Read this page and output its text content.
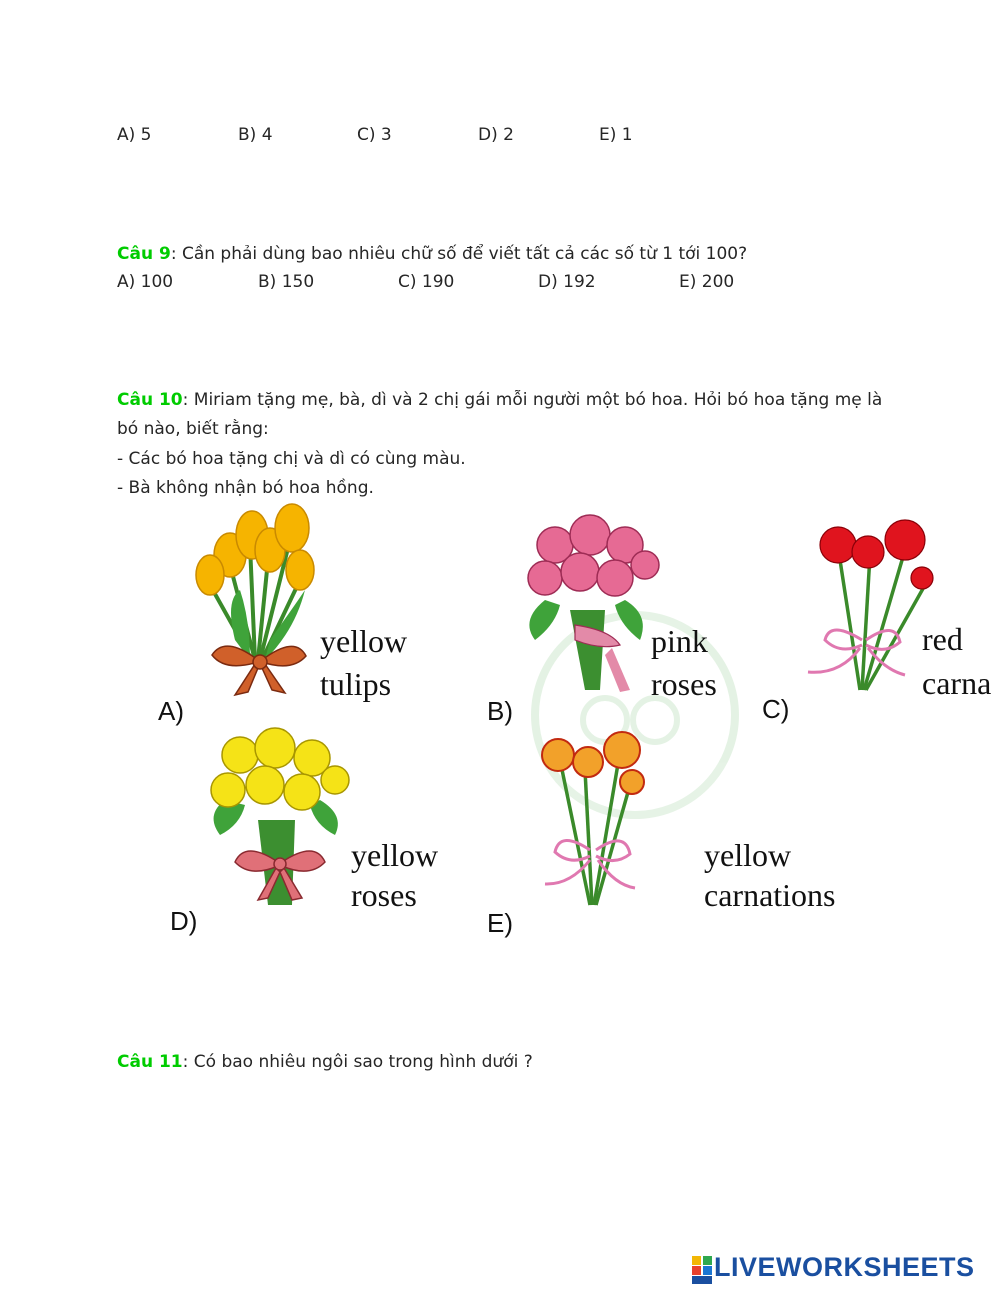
A) 5	B) 4	C) 3	D) 2	E) 1
Câu 9: Cần phải dùng bao nhiêu chữ số để viết tất cả các số từ 1 tới 100?
A) 100	B) 150	C) 190	D) 192	E) 200
Câu 10: Miriam tặng mẹ, bà, dì và 2 chị gái mỗi người một bó hoa. Hỏi bó hoa tặng mẹ là
bó nào, biết rằng:
- Các bó hoa tặng chị và dì có cùng màu.
- Bà không nhận bó hoa hồng.
yellow
tulips
A)
pink
roses
B)
red
carna
C)
yellow
roses
D)
yellow
carnations
E)
Câu 11: Có bao nhiêu ngôi sao trong hình dưới ?
LIVEWORKSHEETS
